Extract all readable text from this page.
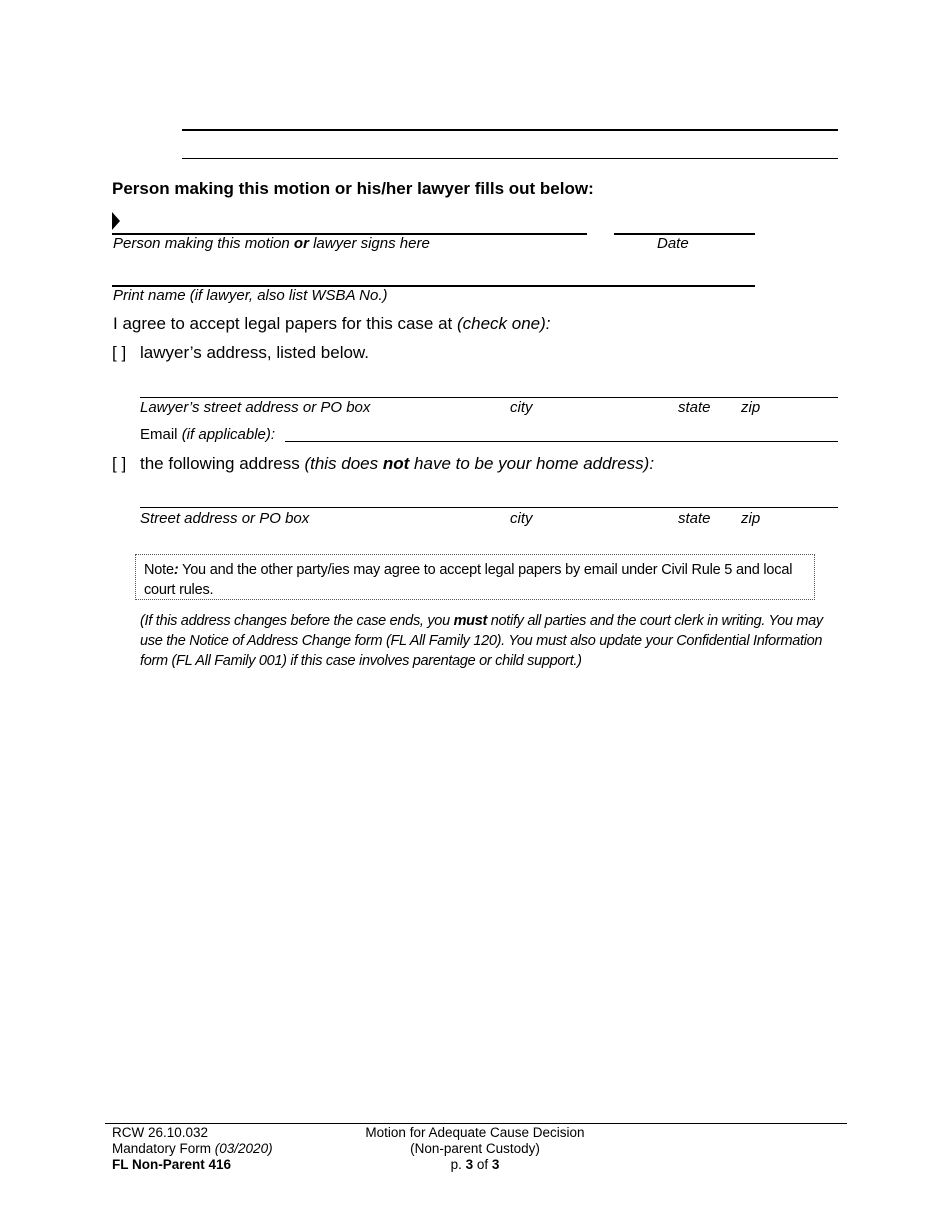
Person making this motion or his/her lawyer fills out below:
Person making this motion or lawyer signs here	Date
Print name (if lawyer, also list WSBA No.)
I agree to accept legal papers for this case at (check one):
[ ] lawyer’s address, listed below.
Lawyer’s street address or PO box	city	state zip
Email (if applicable):
[ ] the following address (this does not have to be your home address):
Street address or PO box	city	state zip
Note: You and the other party/ies may agree to accept legal papers by email under Civil Rule 5 and local court rules.
(If this address changes before the case ends, you must notify all parties and the court clerk in writing. You may use the Notice of Address Change form (FL All Family 120). You must also update your Confidential Information form (FL All Family 001) if this case involves parentage or child support.)
RCW 26.10.032
Mandatory Form (03/2020)
FL Non-Parent 416
Motion for Adequate Cause Decision
(Non-parent Custody)
p. 3 of 3
